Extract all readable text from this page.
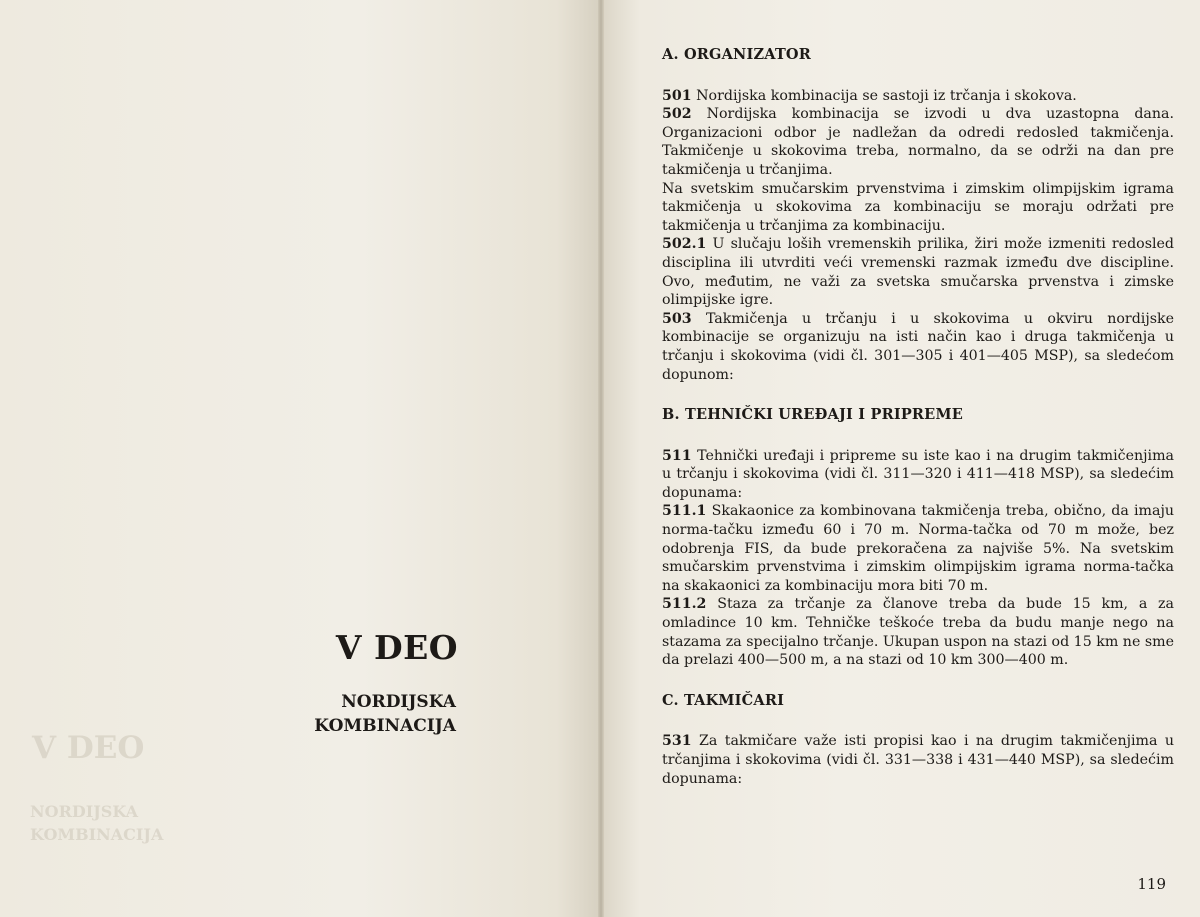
V DEO
NORDIJSKA
KOMBINACIJA
V DEO
NORDIJSKA
KOMBINACIJA
A. ORGANIZATOR

501 Nordijska kombinacija se sastoji iz trčanja i skokova.

502 Nordijska kombinacija se izvodi u dva uzastopna dana. Organizacioni odbor je nadležan da odredi redosled takmičenja. Takmičenje u skokovima treba, normalno, da se održi na dan pre takmičenja u trčanjima.

Na svetskim smučarskim prvenstvima i zimskim olimpijskim igrama takmičenja u skokovima za kombinaciju se moraju održati pre takmičenja u trčanjima za kombinaciju.

502.1 U slučaju loših vremenskih prilika, žiri može izmeniti redosled disciplina ili utvrditi veći vremenski razmak između dve discipline. Ovo, međutim, ne važi za svetska smučarska prvenstva i zimske olimpijske igre.

503 Takmičenja u trčanju i u skokovima u okviru nordijske kombinacije se organizuju na isti način kao i druga takmičenja u trčanju i skokovima (vidi čl. 301—305 i 401—405 MSP), sa sledećom dopunom:

B. TEHNIČKI UREĐAJI I PRIPREME

511 Tehnički uređaji i pripreme su iste kao i na drugim takmičenjima u trčanju i skokovima (vidi čl. 311—320 i 411—418 MSP), sa sledećim dopunama:

511.1 Skakaonice za kombinovana takmičenja treba, obično, da imaju norma-tačku između 60 i 70 m. Norma-tačka od 70 m može, bez odobrenja FIS, da bude prekoračena za najviše 5%. Na svetskim smučarskim prvenstvima i zimskim olimpijskim igrama norma-tačka na skakaonici za kombinaciju mora biti 70 m.

511.2 Staza za trčanje za članove treba da bude 15 km, a za omladince 10 km. Tehničke teškoće treba da budu manje nego na stazama za specijalno trčanje. Ukupan uspon na stazi od 15 km ne sme da prelazi 400—500 m, a na stazi od 10 km 300—400 m.

C. TAKMIČARI

531 Za takmičare važe isti propisi kao i na drugim takmičenjima u trčanjima i skokovima (vidi čl. 331—338 i 431—440 MSP), sa sledećim dopunama:

119
